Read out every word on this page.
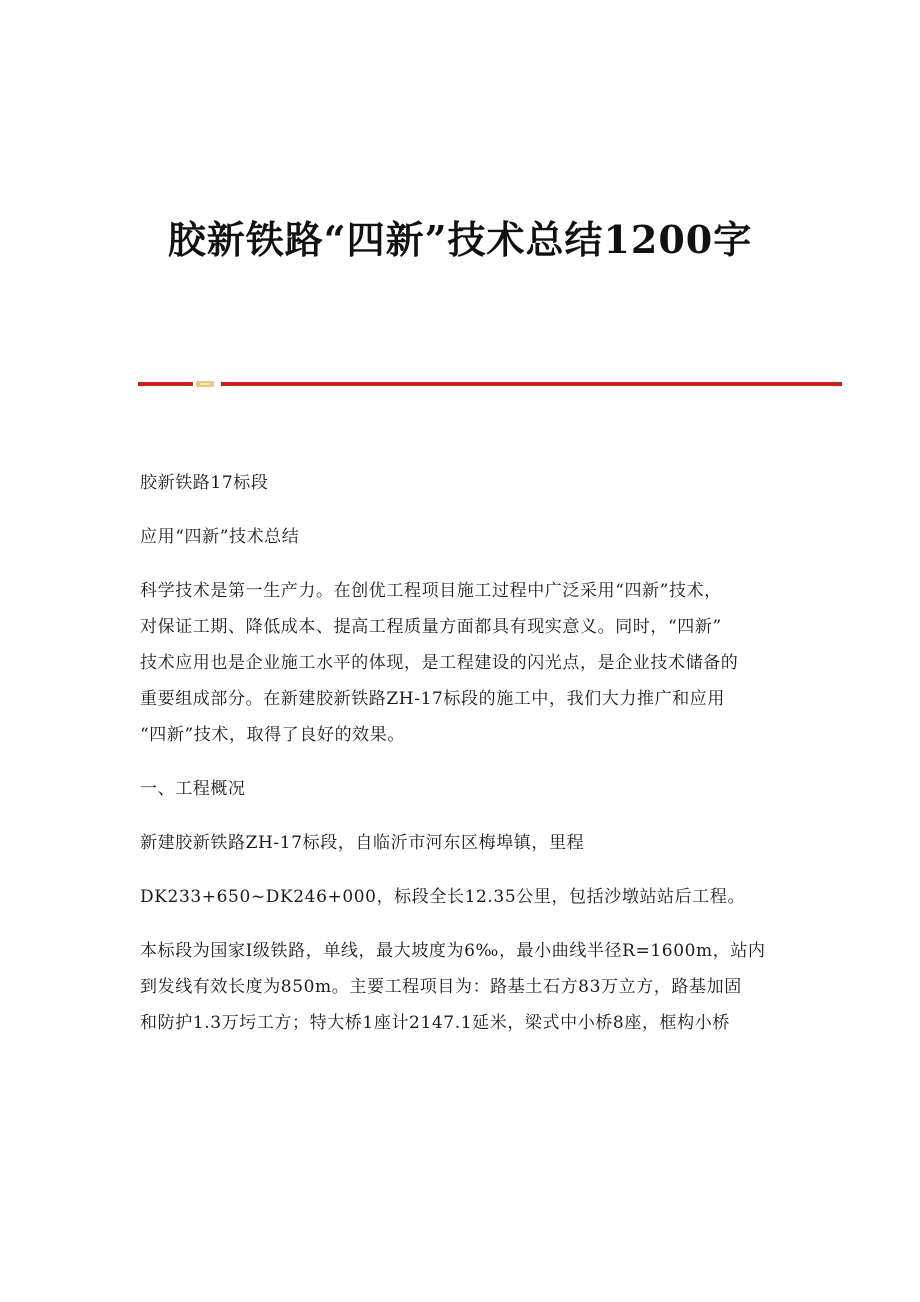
胶新铁路“四新”技术总结1200字
胶新铁路17标段
应用“四新”技术总结
科学技术是第一生产力。在创优工程项目施工过程中广泛采用“四新”技术，
对保证工期、降低成本、提高工程质量方面都具有现实意义。同时，“四新”
技术应用也是企业施工水平的体现，是工程建设的闪光点，是企业技术储备的
重要组成部分。在新建胶新铁路ZH-17标段的施工中，我们大力推广和应用
“四新”技术，取得了良好的效果。
一、工程概况
新建胶新铁路ZH-17标段，自临沂市河东区梅埠镇，里程
DK233+650~DK246+000，标段全长12.35公里，包括沙墩站站后工程。
本标段为国家Ⅰ级铁路，单线，最大坡度为6‰，最小曲线半径R=1600m，站内
到发线有效长度为850m。主要工程项目为：路基土石方83万立方，路基加固
和防护1.3万圬工方；特大桥1座计2147.1延米，梁式中小桥8座，框构小桥
